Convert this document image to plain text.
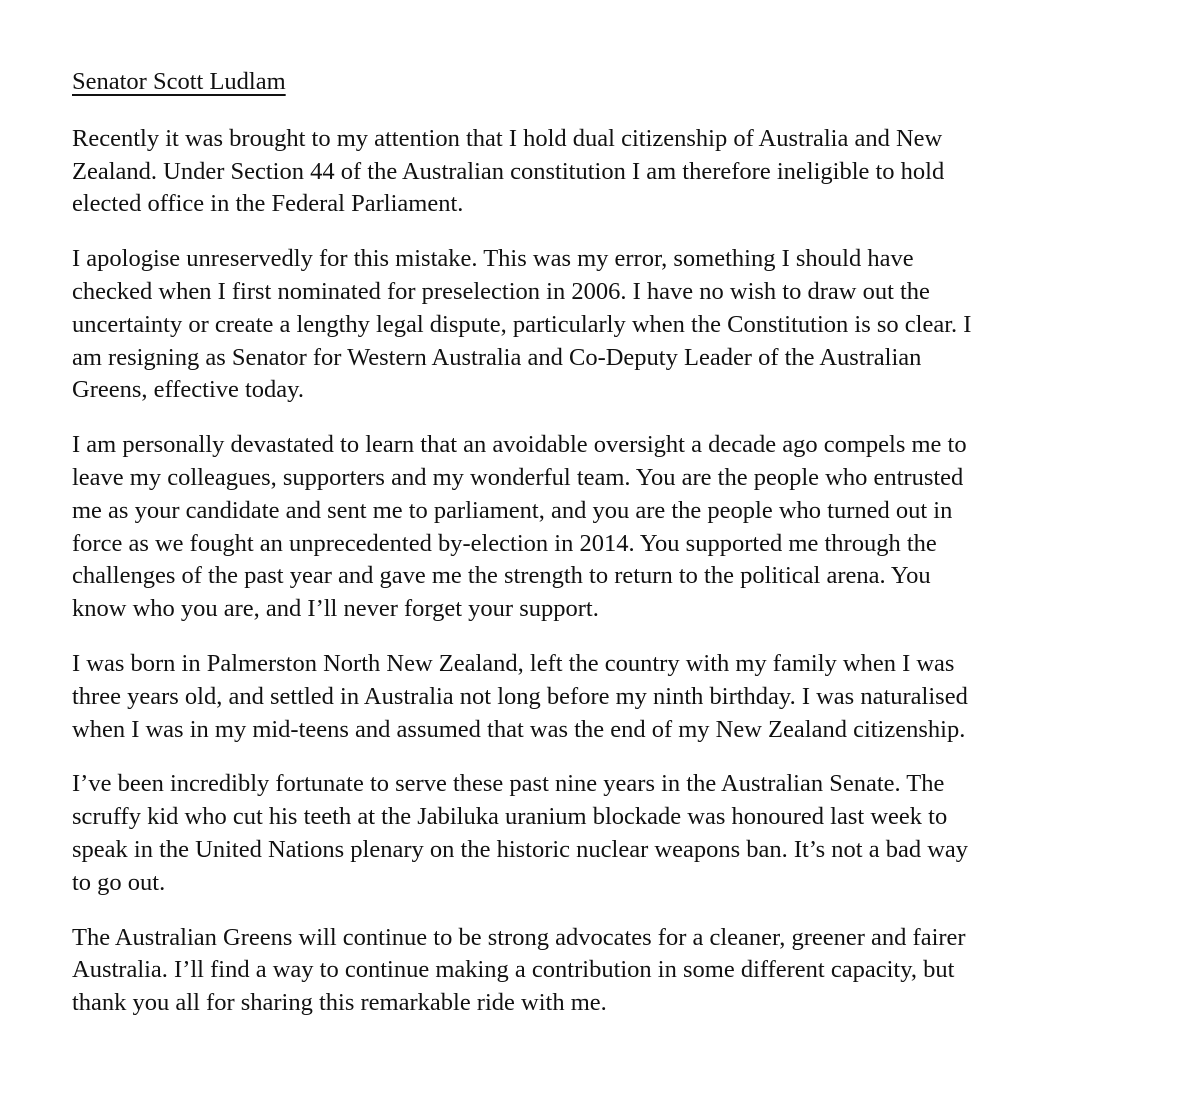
Senator Scott Ludlam

Recently it was brought to my attention that I hold dual citizenship of Australia and New
Zealand. Under Section 44 of the Australian constitution I am therefore ineligible to hold
elected office in the Federal Parliament.

I apologise unreservedly for this mistake. This was my error, something I should have
checked when I first nominated for preselection in 2006. I have no wish to draw out the
uncertainty or create a lengthy legal dispute, particularly when the Constitution is so clear. I
am resigning as Senator for Western Australia and Co-Deputy Leader of the Australian
Greens, effective today.

I am personally devastated to learn that an avoidable oversight a decade ago compels me to
leave my colleagues, supporters and my wonderful team. You are the people who entrusted
me as your candidate and sent me to parliament, and you are the people who turned out in
force as we fought an unprecedented by-election in 2014. You supported me through the
challenges of the past year and gave me the strength to return to the political arena. You
know who you are, and I’ll never forget your support.

I was born in Palmerston North New Zealand, left the country with my family when I was
three years old, and settled in Australia not long before my ninth birthday. I was naturalised
when I was in my mid-teens and assumed that was the end of my New Zealand citizenship.

I’ve been incredibly fortunate to serve these past nine years in the Australian Senate. The
scruffy kid who cut his teeth at the Jabiluka uranium blockade was honoured last week to
speak in the United Nations plenary on the historic nuclear weapons ban. It’s not a bad way
to go out.

The Australian Greens will continue to be strong advocates for a cleaner, greener and fairer
Australia. I’ll find a way to continue making a contribution in some different capacity, but
thank you all for sharing this remarkable ride with me.
